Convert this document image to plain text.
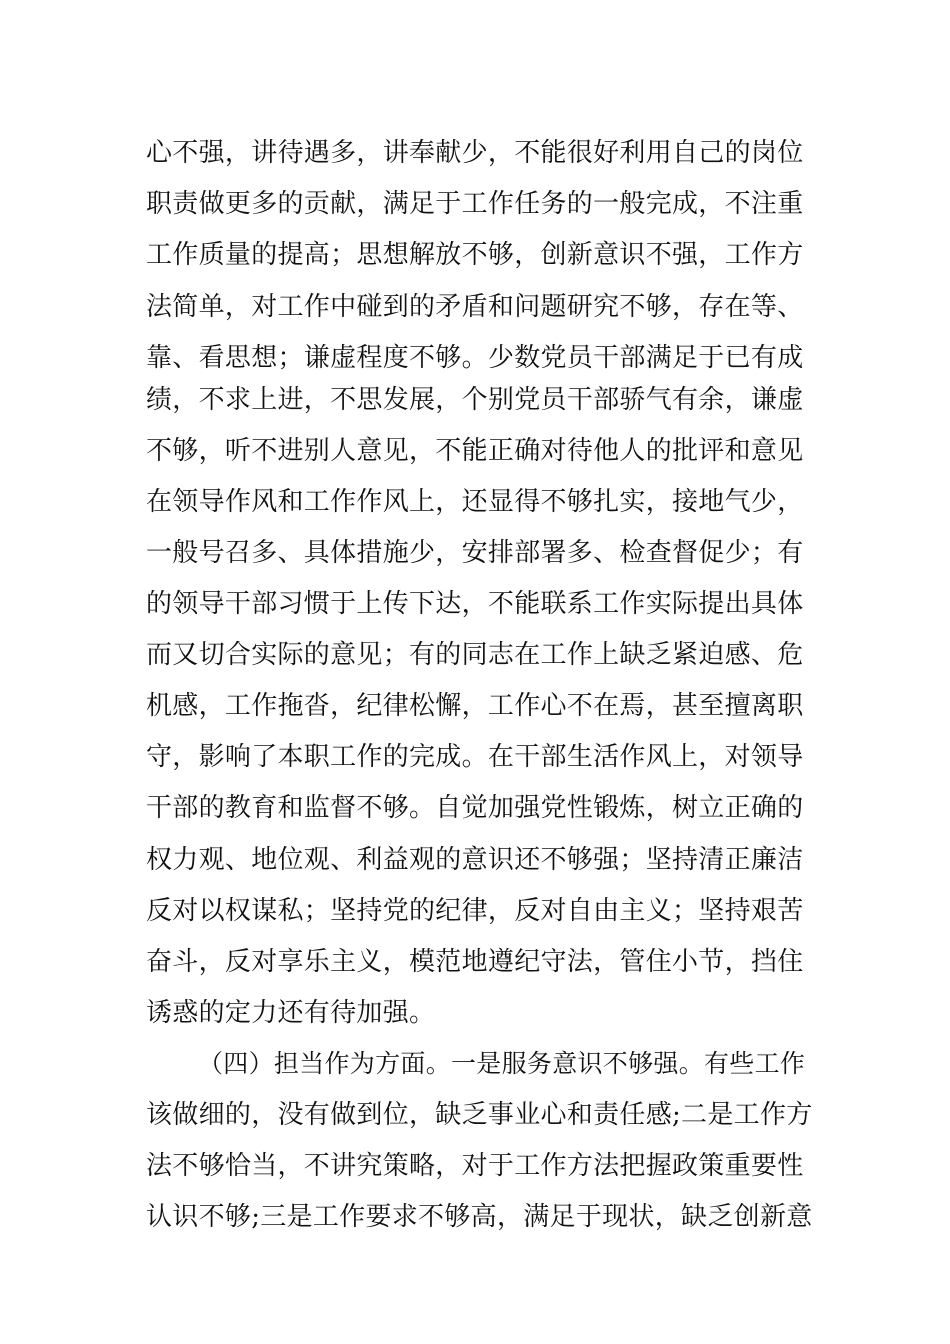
心不强，讲待遇多，讲奉献少，不能很好利用自己的岗位
职责做更多的贡献，满足于工作任务的一般完成，不注重
工作质量的提高；思想解放不够，创新意识不强，工作方
法简单，对工作中碰到的矛盾和问题研究不够，存在等、
靠、看思想；谦虚程度不够。少数党员干部满足于已有成
绩，不求上进，不思发展，个别党员干部骄气有余，谦虚
不够，听不进别人意见，不能正确对待他人的批评和意见
在领导作风和工作作风上，还显得不够扎实，接地气少，
一般号召多、具体措施少，安排部署多、检查督促少；有
的领导干部习惯于上传下达，不能联系工作实际提出具体
而又切合实际的意见；有的同志在工作上缺乏紧迫感、危
机感，工作拖沓，纪律松懈，工作心不在焉，甚至擅离职
守，影响了本职工作的完成。在干部生活作风上，对领导
干部的教育和监督不够。自觉加强党性锻炼，树立正确的
权力观、地位观、利益观的意识还不够强；坚持清正廉洁
反对以权谋私；坚持党的纪律，反对自由主义；坚持艰苦
奋斗，反对享乐主义，模范地遵纪守法，管住小节，挡住
诱惑的定力还有待加强。
（四）担当作为方面。一是服务意识不够强。有些工作
该做细的，没有做到位，缺乏事业心和责任感;二是工作方
法不够恰当，不讲究策略，对于工作方法把握政策重要性
认识不够;三是工作要求不够高，满足于现状，缺乏创新意
